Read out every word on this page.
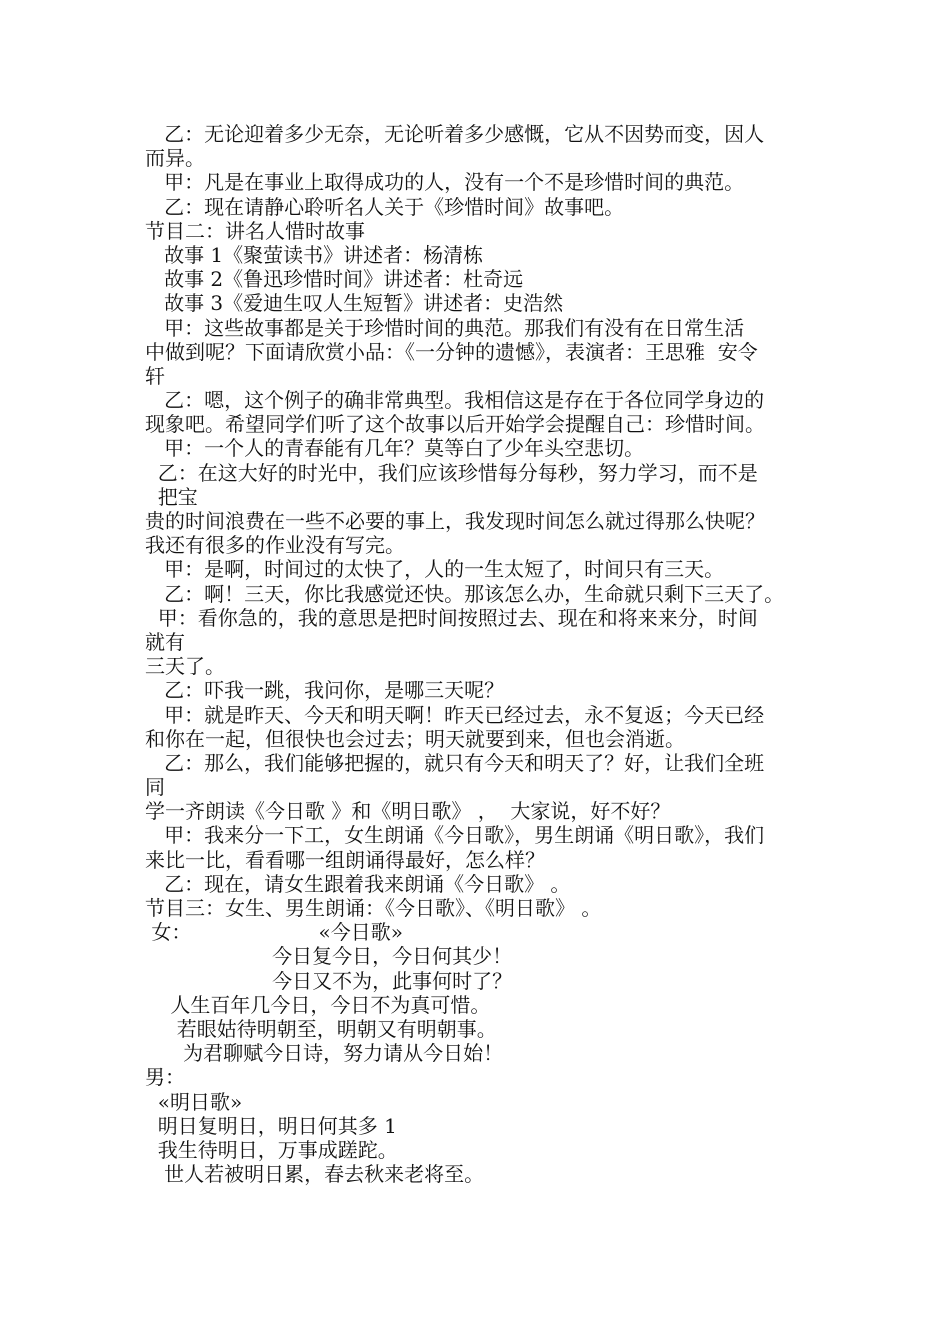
乙：无论迎着多少无奈，无论听着多少感慨，它从不因势而变，因人
而异。
甲：凡是在事业上取得成功的人，没有一个不是珍惜时间的典范。
乙：现在请静心聆听名人关于《珍惜时间》故事吧。
节目二：讲名人惜时故事
故事 1《聚萤读书》讲述者：杨清栋
故事 2《鲁迅珍惜时间》讲述者：杜奇远
故事 3《爱迪生叹人生短暂》讲述者：史浩然
甲：这些故事都是关于珍惜时间的典范。那我们有没有在日常生活
中做到呢？下面请欣赏小品：《一分钟的遗憾》，表演者：王思雅  安令
轩
乙：嗯，这个例子的确非常典型。我相信这是存在于各位同学身边的
现象吧。希望同学们听了这个故事以后开始学会提醒自己：珍惜时间。
甲：一个人的青春能有几年？莫等白了少年头空悲切。
乙：在这大好的时光中，我们应该珍惜每分每秒，努力学习，而不是
把宝
贵的时间浪费在一些不必要的事上，我发现时间怎么就过得那么快呢？
我还有很多的作业没有写完。
甲：是啊，时间过的太快了，人的一生太短了，时间只有三天。
乙：啊！三天，你比我感觉还快。那该怎么办，生命就只剩下三天了。
甲：看你急的，我的意思是把时间按照过去、现在和将来来分，时间
就有
三天了。
乙：吓我一跳，我问你，是哪三天呢？
甲：就是昨天、今天和明天啊！昨天已经过去，永不复返；今天已经
和你在一起，但很快也会过去；明天就要到来，但也会消逝。
乙：那么，我们能够把握的，就只有今天和明天了？好，让我们全班
同
学一齐朗读《今日歌 》和《明日歌》 ，  大家说，好不好？
甲：我来分一下工，女生朗诵《今日歌》，男生朗诵《明日歌》，我们
来比一比，看看哪一组朗诵得最好，怎么样？
乙：现在，请女生跟着我来朗诵《今日歌》 。
节目三：女生、男生朗诵：《今日歌》、《明日歌》 。
女：                    «今日歌»
今日复今日，今日何其少！
今日又不为，此事何时了？
人生百年几今日，今日不为真可惜。
若眼姑待明朝至，明朝又有明朝事。
为君聊赋今日诗，努力请从今日始！
男：
«明日歌»
明日复明日，明日何其多 1
我生待明日，万事成蹉跎。
世人若被明日累，春去秋来老将至。
